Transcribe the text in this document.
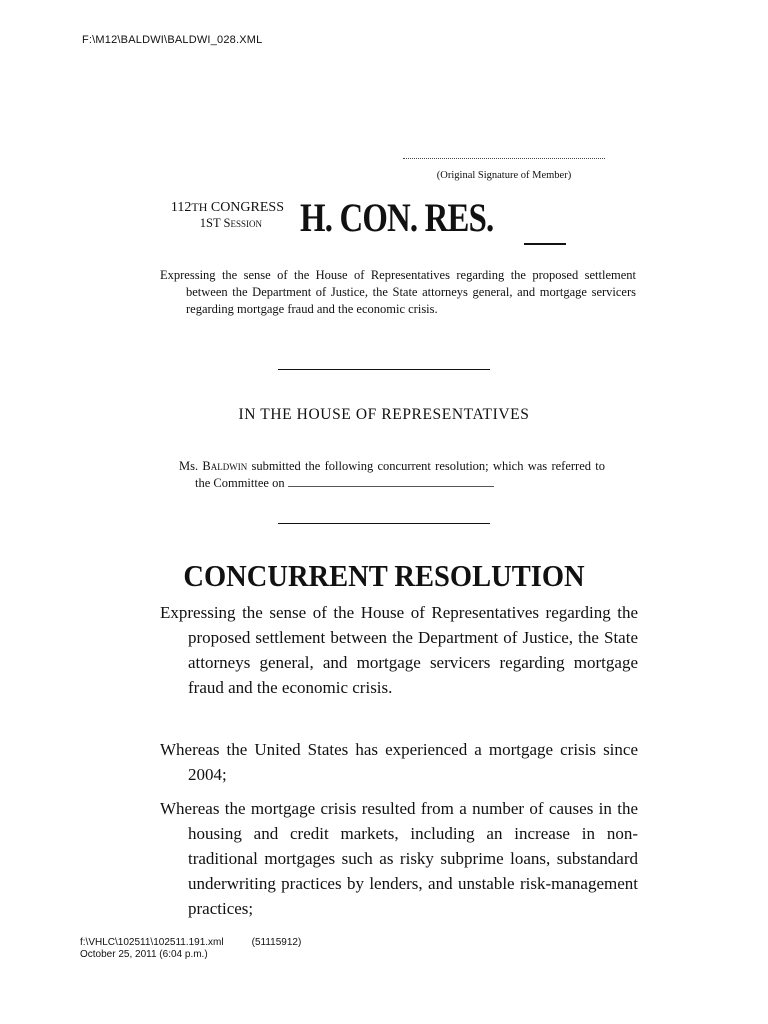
F:\M12\BALDWI\BALDWI_028.XML
(Original Signature of Member)
112TH CONGRESS
1ST Session H. CON. RES.
Expressing the sense of the House of Representatives regarding the proposed settlement between the Department of Justice, the State attorneys general, and mortgage servicers regarding mortgage fraud and the economic crisis.
IN THE HOUSE OF REPRESENTATIVES
Ms. Baldwin submitted the following concurrent resolution; which was referred to the Committee on
CONCURRENT RESOLUTION
Expressing the sense of the House of Representatives regarding the proposed settlement between the Department of Justice, the State attorneys general, and mortgage servicers regarding mortgage fraud and the economic crisis.
Whereas the United States has experienced a mortgage crisis since 2004;
Whereas the mortgage crisis resulted from a number of causes in the housing and credit markets, including an increase in non-traditional mortgages such as risky subprime loans, substandard underwriting practices by lenders, and unstable risk-management practices;
f:\VHLC\102511\102511.191.xml	(51115912)
October 25, 2011 (6:04 p.m.)
